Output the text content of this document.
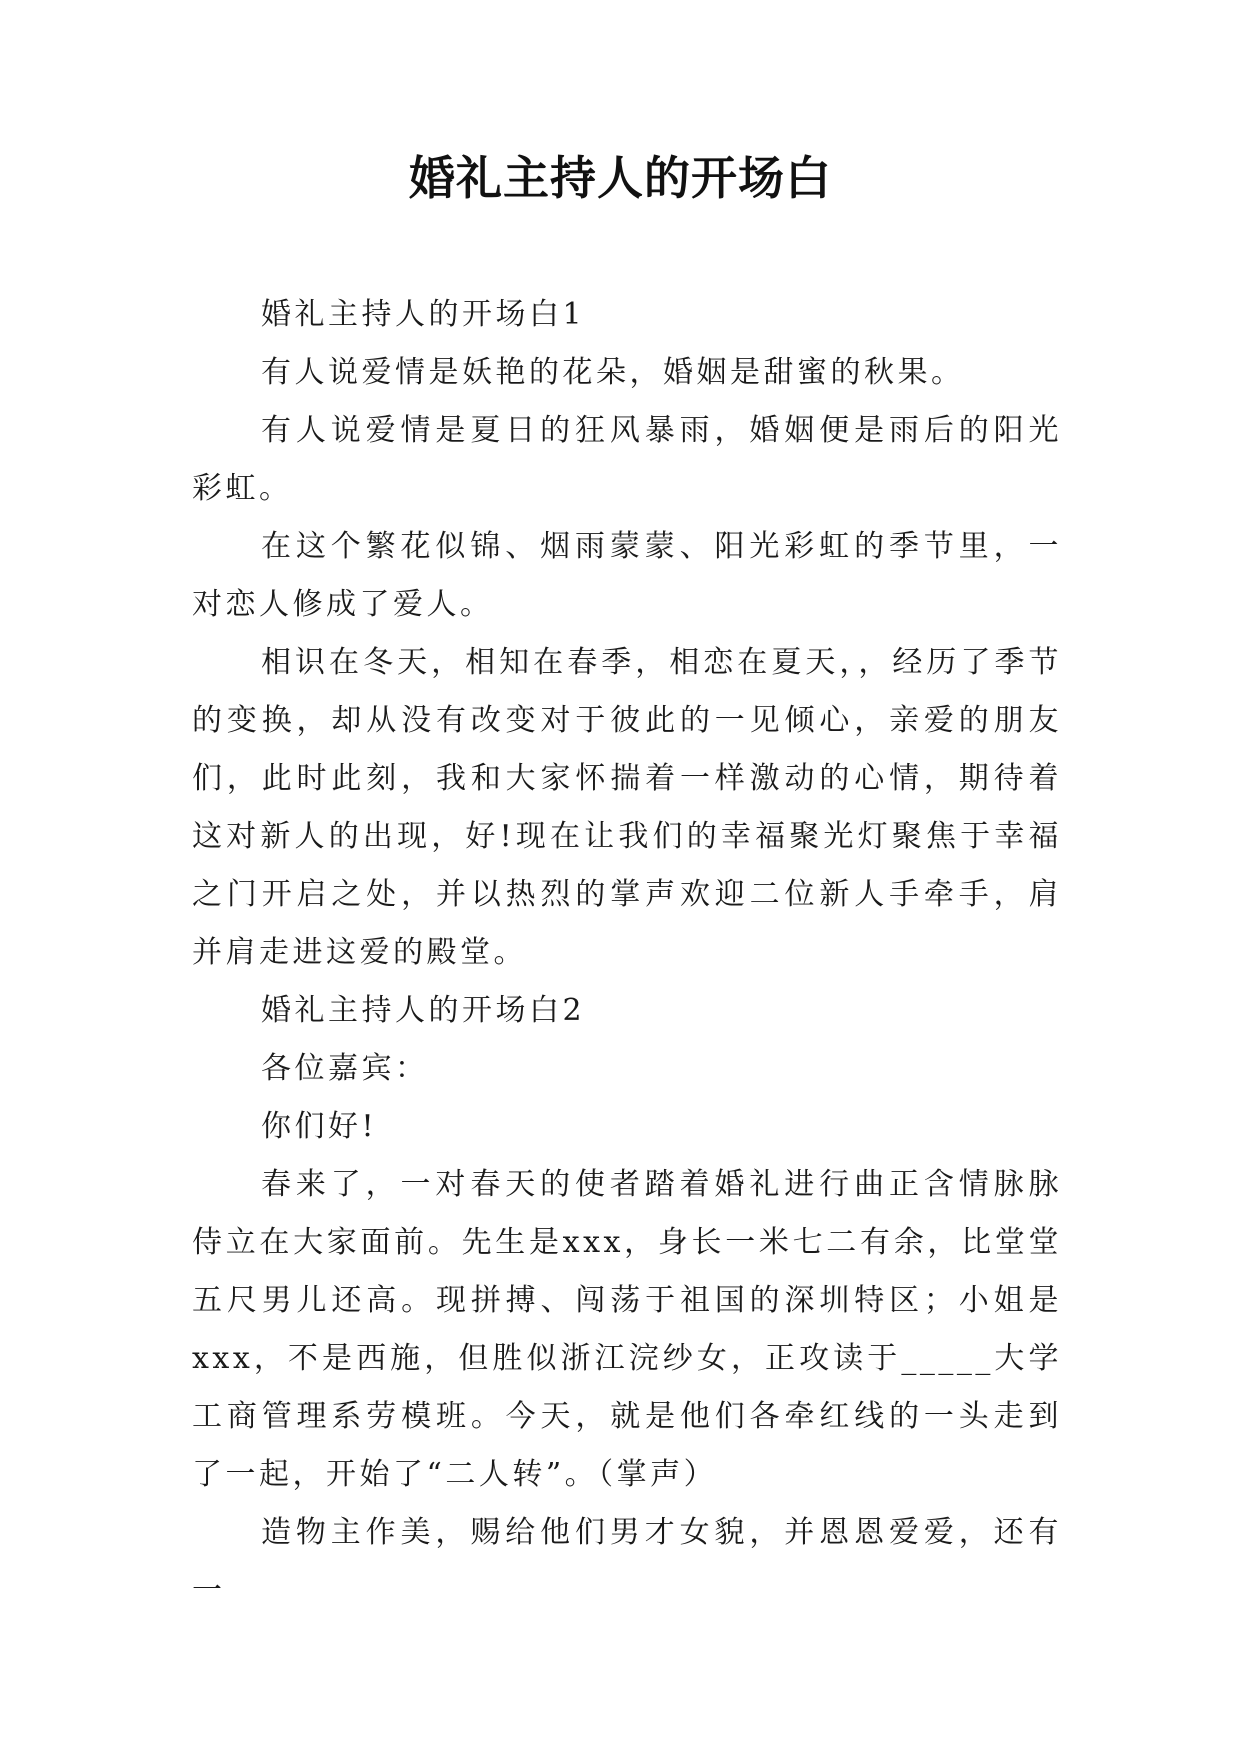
婚礼主持人的开场白

婚礼主持人的开场白1

有人说爱情是妖艳的花朵，婚姻是甜蜜的秋果。

有人说爱情是夏日的狂风暴雨，婚姻便是雨后的阳光彩虹。

在这个繁花似锦、烟雨蒙蒙、阳光彩虹的季节里，一对恋人修成了爱人。

相识在冬天，相知在春季，相恋在夏天，，经历了季节的变换，却从没有改变对于彼此的一见倾心，亲爱的朋友们，此时此刻，我和大家怀揣着一样激动的心情，期待着这对新人的出现，好!现在让我们的幸福聚光灯聚焦于幸福之门开启之处，并以热烈的掌声欢迎二位新人手牵手，肩并肩走进这爱的殿堂。

婚礼主持人的开场白2

各位嘉宾：

你们好!

春来了，一对春天的使者踏着婚礼进行曲正含情脉脉侍立在大家面前。先生是xxx，身长一米七二有余，比堂堂五尺男儿还高。现拼搏、闯荡于祖国的深圳特区；小姐是xxx，不是西施，但胜似浙江浣纱女，正攻读于_____大学工商管理系劳模班。今天，就是他们各牵红线的一头走到了一起，开始了“二人转”。（掌声）

造物主作美，赐给他们男才女貌，并恩恩爱爱，还有一
